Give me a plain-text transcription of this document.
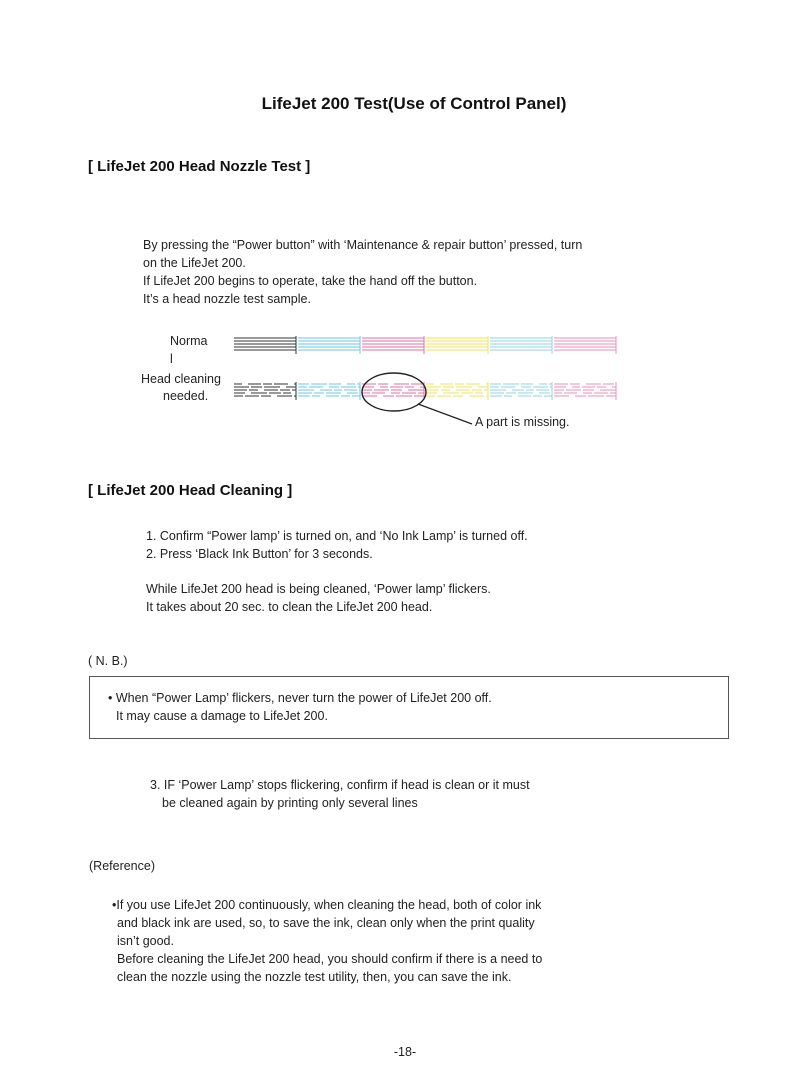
LifeJet 200 Test(Use of Control Panel)
[ LifeJet 200 Head Nozzle Test ]
By pressing the “Power button” with ‘Maintenance & repair button’ pressed, turn
on the LifeJet 200.
If LifeJet 200 begins to operate, take the hand off the button.
It’s a head nozzle test sample.
Norma
l
Head cleaning
needed.
A part is missing.
[ LifeJet 200 Head Cleaning ]
1. Confirm “Power lamp’ is turned on, and ‘No Ink Lamp’ is turned off.
2. Press ‘Black Ink Button’ for 3 seconds.
While LifeJet 200 head is being cleaned, ‘Power lamp’ flickers.
It takes about 20 sec. to clean the LifeJet 200 head.
( N. B.)
• When “Power Lamp’ flickers, never turn the power of LifeJet 200 off.
It may cause a damage to LifeJet 200.
3. IF ‘Power Lamp’ stops flickering, confirm if head is clean or it must
be cleaned again by printing only several lines
(Reference)
•If you use LifeJet 200 continuously, when cleaning the head, both of color ink
and black ink are used, so, to save the ink, clean only when the print quality
isn’t good.
Before cleaning the LifeJet 200 head, you should confirm if there is a need to
clean the nozzle using the nozzle test utility, then, you can save the ink.
-18-
